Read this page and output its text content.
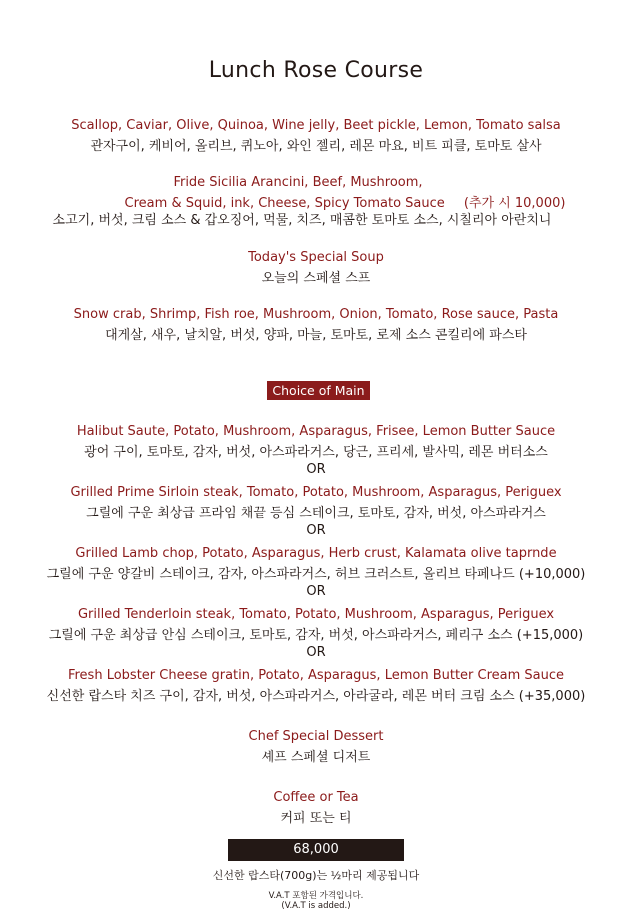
Lunch Rose Course
Scallop, Caviar, Olive, Quinoa, Wine jelly, Beet pickle, Lemon, Tomato salsa
관자구이, 케비어, 올리브, 퀴노아, 와인 젤리, 레몬 마요, 비트 피클, 토마토 살사
Fride Sicilia Arancini, Beef, Mushroom,
Cream & Squid, ink, Cheese, Spicy Tomato Sauce (추가 시 10,000)
소고기, 버섯, 크림 소스 & 갑오징어, 먹물, 치즈, 매콤한 토마토 소스, 시칠리아 아란치니
Today's Special Soup
오늘의 스페셜 스프
Snow crab, Shrimp, Fish roe, Mushroom, Onion, Tomato, Rose sauce, Pasta
대게살, 새우, 날치알, 버섯, 양파, 마늘, 토마토, 로제 소스 콘킬리에 파스타
Choice of Main
Halibut Saute, Potato, Mushroom, Asparagus, Frisee, Lemon Butter Sauce
광어 구이, 토마토, 감자, 버섯, 아스파라거스, 당근, 프리세, 발사믹, 레몬 버터소스
OR
Grilled Prime Sirloin steak, Tomato, Potato, Mushroom, Asparagus, Periguex
그릴에 구운 최상급 프라임 채끝 등심 스테이크, 토마토, 감자, 버섯, 아스파라거스
OR
Grilled Lamb chop, Potato, Asparagus, Herb crust, Kalamata olive taprnde
그릴에 구운 양갈비 스테이크, 감자, 아스파라거스, 허브 크러스트, 올리브 타페나드 (+10,000)
OR
Grilled Tenderloin steak, Tomato, Potato, Mushroom, Asparagus, Periguex
그릴에 구운 최상급 안심 스테이크, 토마토, 감자, 버섯, 아스파라거스, 페리구 소스 (+15,000)
OR
Fresh Lobster Cheese gratin, Potato, Asparagus, Lemon Butter Cream Sauce
신선한 랍스타 치즈 구이, 감자, 버섯, 아스파라거스, 아라굴라, 레몬 버터 크림 소스 (+35,000)
Chef Special Dessert
셰프 스페셜 디저트
Coffee or Tea
커피 또는 티
68,000
신선한 랍스타(700g)는 ½마리 제공됩니다
V.A.T 포함된 가격입니다.
(V.A.T is added.)
